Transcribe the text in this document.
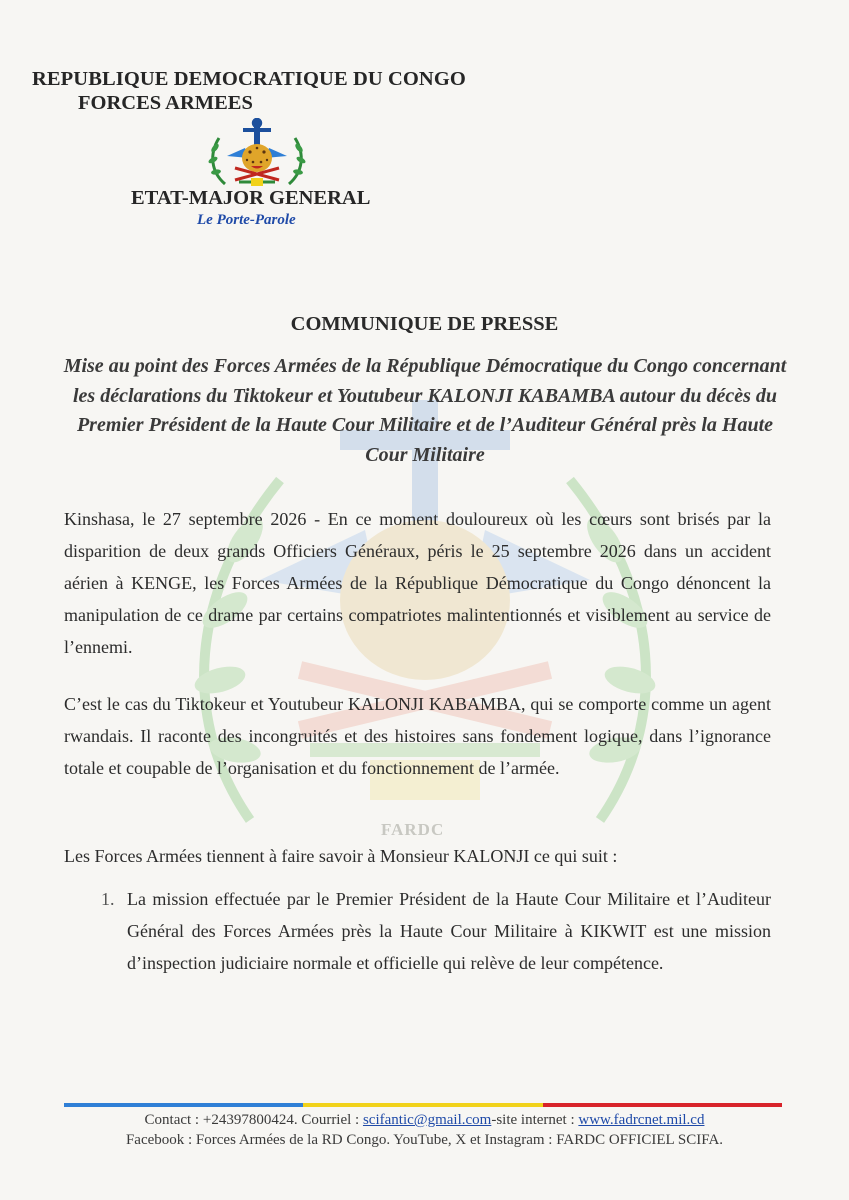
REPUBLIQUE DEMOCRATIQUE DU CONGO
FORCES ARMEES
ETAT-MAJOR GENERAL
Le Porte-Parole
FARDC
COMMUNIQUE DE PRESSE
Mise au point des Forces Armées de la République Démocratique du Congo concernant les déclarations du Tiktokeur et Youtubeur KALONJI KABAMBA autour du décès du Premier Président de la Haute Cour Militaire et de l’Auditeur Général près la Haute Cour Militaire
Kinshasa, le 27 septembre 2026 - En ce moment douloureux où les cœurs sont brisés par la disparition de deux grands Officiers Généraux, péris le 25 septembre 2026 dans un accident aérien à KENGE, les Forces Armées de la République Démocratique du Congo dénoncent la manipulation de ce drame par certains compatriotes malintentionnés et visiblement au service de l’ennemi.
C’est le cas du Tiktokeur et Youtubeur KALONJI KABAMBA, qui se comporte comme un agent rwandais. Il raconte des incongruités et des histoires sans fondement logique, dans l’ignorance totale et coupable de l’organisation et du fonctionnement de l’armée.
Les Forces Armées tiennent à faire savoir à Monsieur KALONJI ce qui suit :
1. La mission effectuée par le Premier Président de la Haute Cour Militaire et l’Auditeur Général des Forces Armées près la Haute Cour Militaire à KIKWIT est une mission d’inspection judiciaire normale et officielle qui relève de leur compétence.
Contact : +24397800424. Courriel : scifantic@gmail.com-site internet : www.fadrcnet.mil.cd
Facebook : Forces Armées de la RD Congo. YouTube, X et Instagram : FARDC OFFICIEL SCIFA.
